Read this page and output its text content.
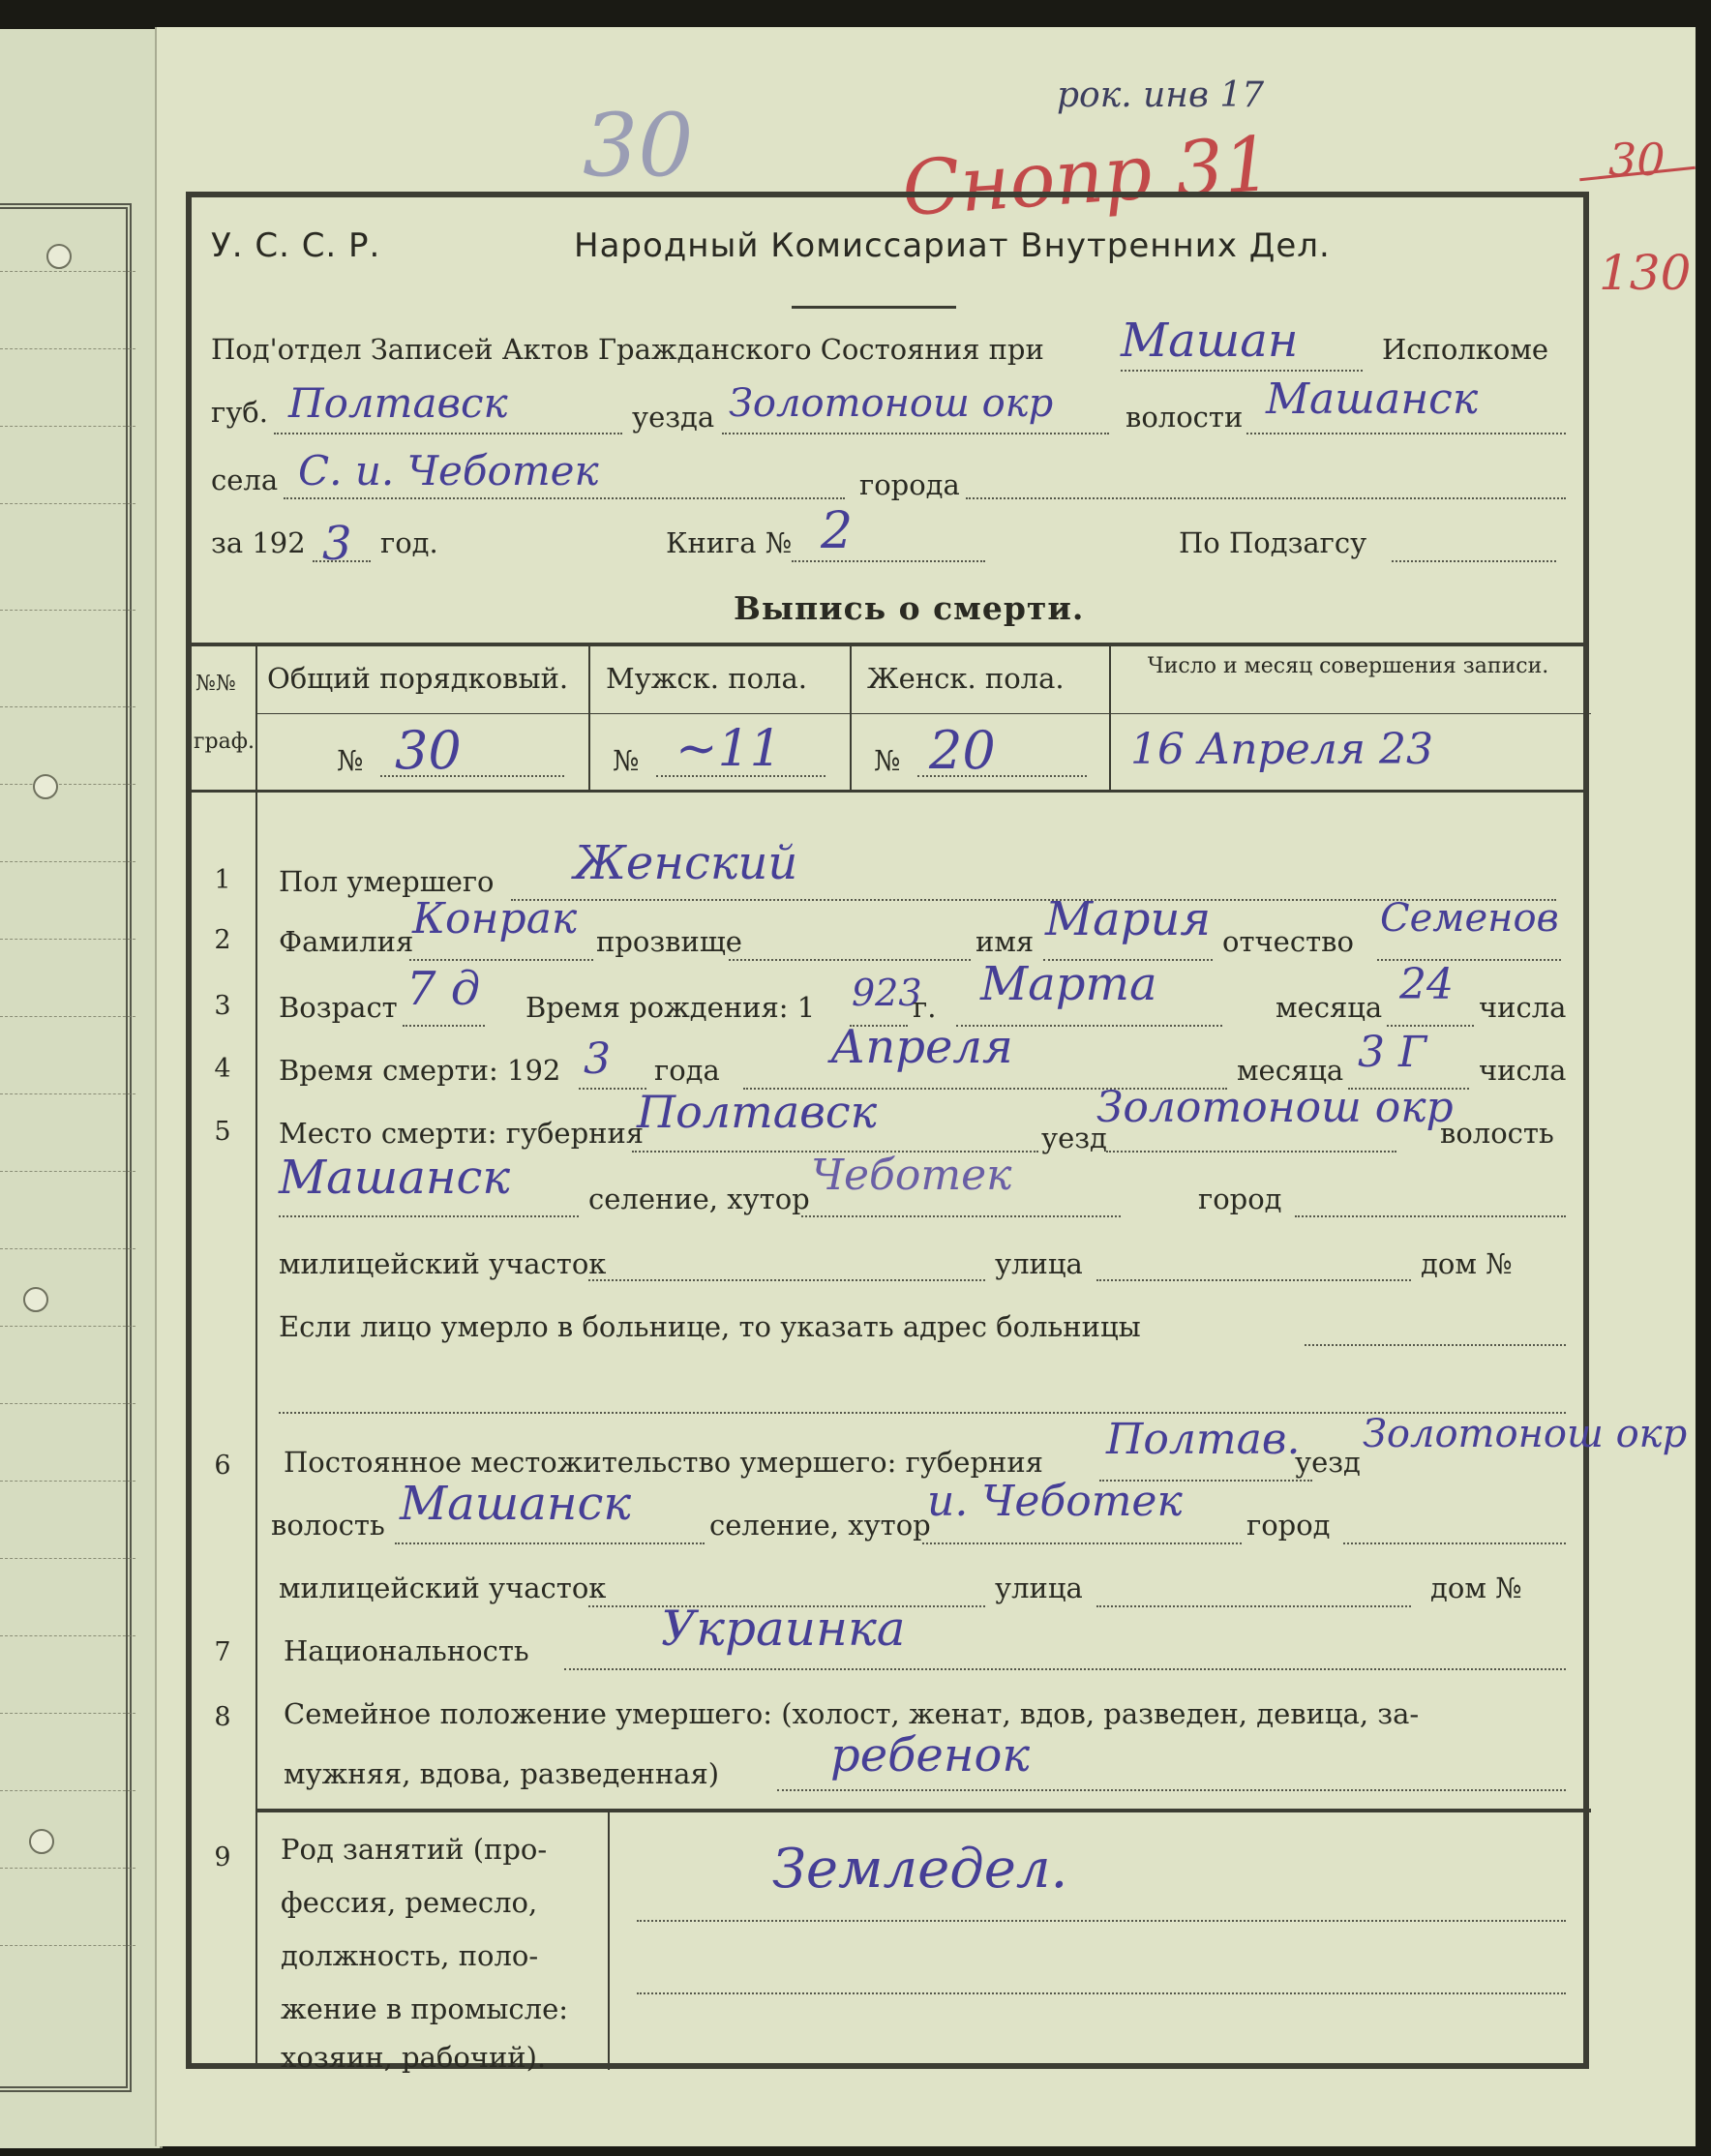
30	рок. инв 17
Снопр 31	30
130
У. С. С. Р.	Народный Комиссариат Внутренних Дел.
Под'отдел Записей Актов Гражданского Состояния при Машан	Исполкоме
губ. Полтавск	уезда Золотонош окр	волости Машанск
села С. и. Чеботек	города
за 192 3 год.	Книга № 2	По Подзагсу
Выпись о смерти.
№№
граф.
Общий порядковый. Мужск. пола. Женск. пола.	Число и месяц совершения записи.
№ 30	№ ~11	№ 20	16 Апреля 23
1	Пол умершего Женский
2	Фамилия
Конрак прозвище	имя Мария отчество
Семенов
3	Возраст 7 д Время рождения: 1 923
г. Марта	месяца 24 числа
4	Время смерти: 192 3 года Апреля	месяца 3 Г числа
5	Место смерти: губерния
Полтавск	уезд
Золотонош окр
волость
Машанск	селение, хутор Чеботек	город
милицейский участок	улица	дом №
Если лицо умерло в больнице, то указать адрес больницы
6	Постоянное местожительство умершего: губерния Полтав.
уезд
Золотонош окр
волость Машанск	селение, хутор
и. Чеботек город
милицейский участок	улица	дом №
7	Национальность	Украинка
8	Семейное положение умершего: (холост, женат, вдов, разведен, девица, за-
мужняя, вдова, разведенная) ребенок
9	Род занятий (про-
фессия, ремесло,
должность, поло-
жение в промысле:
хозяин, рабочий).
Земледел.
